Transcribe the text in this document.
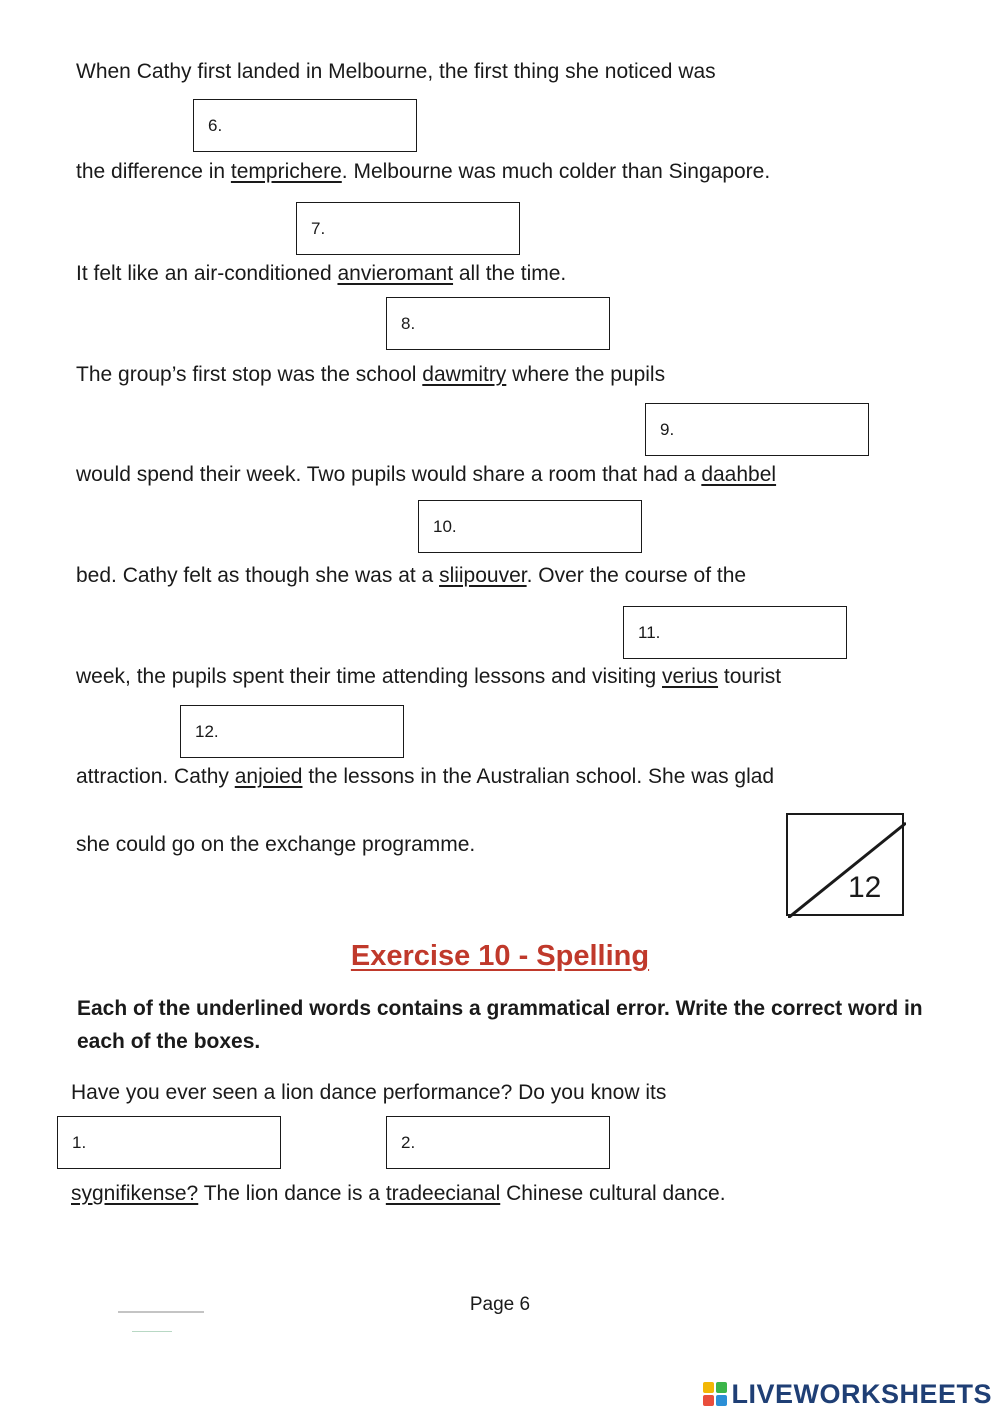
When Cathy first landed in Melbourne, the first thing she noticed was
the difference in temprichere. Melbourne was much colder than Singapore.
It felt like an air-conditioned anvieromant all the time.
The group’s first stop was the school dawmitry where the pupils
would spend their week. Two pupils would share a room that had a daahbel
bed. Cathy felt as though she was at a sliipouver. Over the course of the
week, the pupils spent their time attending lessons and visiting verius tourist
attraction. Cathy anjoied the lessons in the Australian school. She was glad
she could go on the exchange programme.
6.
7.
8.
9.
10.
11.
12.
12
Exercise 10 - Spelling
Each of the underlined words contains a grammatical error. Write the correct word in each of the boxes.
Have you ever seen a lion dance performance? Do you know its
sygnifikense? The lion dance is a tradeecianal Chinese cultural dance.
1.	2.
Page 6
LIVEWORKSHEETS
